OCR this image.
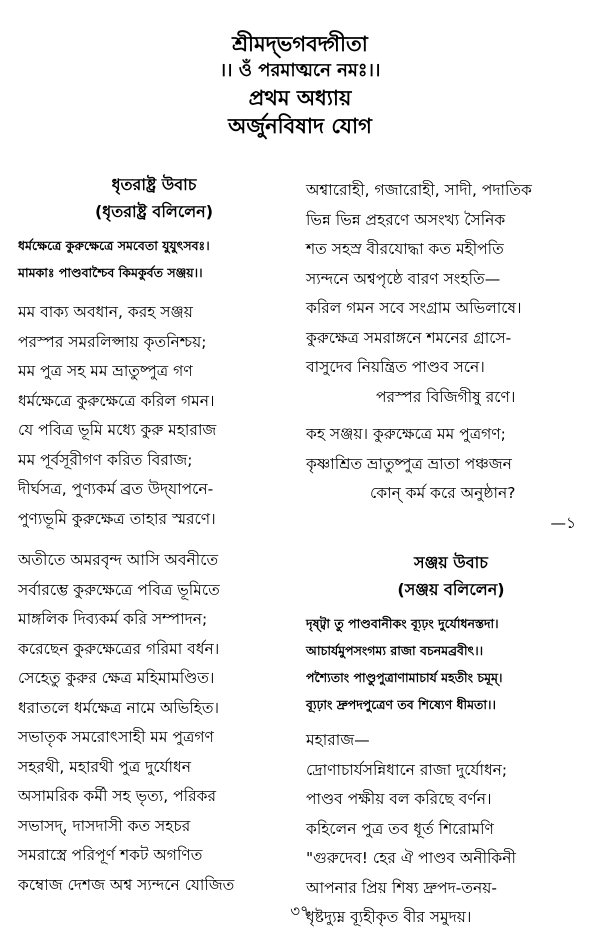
শ্রীমদ্‌ভগবদ্গীতা
।। ওঁ পরমাত্মনে নমঃ।।
প্রথম অধ্যায়
অর্জুনবিষাদ যোগ
ধৃতরাষ্ট্র উবাচ
(ধৃতরাষ্ট্র বলিলেন)
ধর্মক্ষেত্রে কুরুক্ষেত্রে সমবেতা যুযুৎসবঃ।
মামকাঃ পাণ্ডবাশ্চৈব কিমকুর্বত সঞ্জয়।।
মম বাক্য অবধান, করহ সঞ্জয়
পরস্পর সমরলিপ্সায় কৃতনিশ্চয়;
মম পুত্র সহ মম ভ্রাতুষ্পুত্র গণ
ধর্মক্ষেত্রে কুরুক্ষেত্রে করিল গমন।
যে পবিত্র ভূমি মধ্যে কুরু মহারাজ
মম পূর্বসূরীগণ করিত বিরাজ;
দীর্ঘসত্র, পুণ্যকর্ম ব্রত উদ্‌যাপনে-
পুণ্যভূমি কুরুক্ষেত্র তাহার স্মরণে।
অতীতে অমরবৃন্দ আসি অবনীতে
সর্বারম্ভে কুরুক্ষেত্রে পবিত্র ভূমিতে
মাঙ্গলিক দিব্যকর্ম করি সম্পাদন;
করেছেন কুরুক্ষেত্রের গরিমা বর্ধন।
সেহেতু কুরুর ক্ষেত্র মহিমামণ্ডিত।
ধরাতলে ধর্মক্ষেত্র নামে অভিহিত।
সভাতৃক সমরোৎসাহী মম পুত্রগণ
সহরথী, মহারথী পুত্র দুর্যোধন
অসামরিক কর্মী সহ ভৃত্য, পরিকর
সভাসদ্‌, দাসদাসী কত সহচর
সমরাস্ত্রে পরিপূর্ণ শকট অগণিত
কম্বোজ দেশজ অশ্ব স্যন্দনে যোজিত
অশ্বারোহী, গজারোহী, সাদী, পদাতিক
ভিন্ন ভিন্ন প্রহরণে অসংখ্য সৈনিক
শত সহস্র বীরযোদ্ধা কত মহীপতি
স্যন্দনে অশ্বপৃষ্ঠে বারণ সংহতি—
করিল গমন সবে সংগ্রাম অভিলাষে।
কুরুক্ষেত্র সমরাঙ্গনে শমনের গ্রাসে-
বাসুদেব নিয়ন্ত্রিত পাণ্ডব সনে।
পরস্পর বিজিগীষু রণে।
কহ সঞ্জয়। কুরুক্ষেত্রে মম পুত্রগণ;
কৃষ্ণাশ্রিত ভ্রাতুষ্পুত্র ভ্রাতা পঞ্চজন
কোন্‌ কর্ম করে অনুষ্ঠান?
—১
সঞ্জয় উবাচ
(সঞ্জয় বলিলেন)
দৃষ্ট্বা তু পাণ্ডবানীকং ব্যূঢ়ং দুর্যোধনস্তদা।
আচার্যমুপসংগম্য রাজা বচনমব্রবীৎ।।
পশ্যৈতাং পাণ্ডুপুত্রাণামাচার্য মহতীং চমূম্‌।
ব্যূঢ়াং দ্রুপদপুত্রেণ তব শিষ্যেণ ধীমতা।।
মহারাজ—
দ্রোণাচার্যসন্নিধানে রাজা দুর্যোধন;
পাণ্ডব পক্ষীয় বল করিছে বর্ণন।
কহিলেন পুত্র তব ধূর্ত শিরোমণি
"গুরুদেব! হের ঐ পাণ্ডব অনীকিনী
আপনার প্রিয় শিষ্য দ্রুপদ-তনয়-
ধৃষ্টদ্যুম্ন ব্যূহীকৃত বীর সমুদয়।
৩৭
